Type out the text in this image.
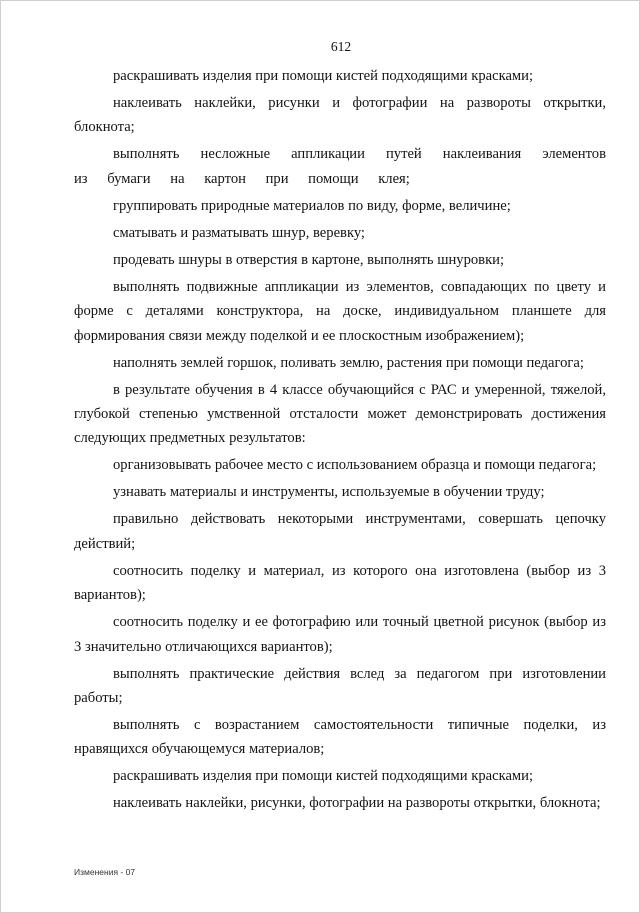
612

раскрашивать изделия при помощи кистей подходящими красками;

наклеивать наклейки, рисунки и фотографии на развороты открытки, блокнота;

выполнять несложные аппликации путей наклеивания элементов из бумаги на картон при помощи клея;

группировать природные материалов по виду, форме, величине;

сматывать и разматывать шнур, веревку;

продевать шнуры в отверстия в картоне, выполнять шнуровки;

выполнять подвижные аппликации из элементов, совпадающих по цвету и форме с деталями конструктора, на доске, индивидуальном планшете для формирования связи между поделкой и ее плоскостным изображением);

наполнять землей горшок, поливать землю, растения при помощи педагога;

в результате обучения в 4 классе обучающийся с РАС и умеренной, тяжелой, глубокой степенью умственной отсталости может демонстрировать достижения следующих предметных результатов:

организовывать рабочее место с использованием образца и помощи педагога;

узнавать материалы и инструменты, используемые в обучении труду;

правильно действовать некоторыми инструментами, совершать цепочку действий;

соотносить поделку и материал, из которого она изготовлена (выбор из 3 вариантов);

соотносить поделку и ее фотографию или точный цветной рисунок (выбор из 3 значительно отличающихся вариантов);

выполнять практические действия вслед за педагогом при изготовлении работы;

выполнять с возрастанием самостоятельности типичные поделки, из нравящихся обучающемуся материалов;

раскрашивать изделия при помощи кистей подходящими красками;

наклеивать наклейки, рисунки, фотографии на развороты открытки, блокнота;

Изменения - 07
